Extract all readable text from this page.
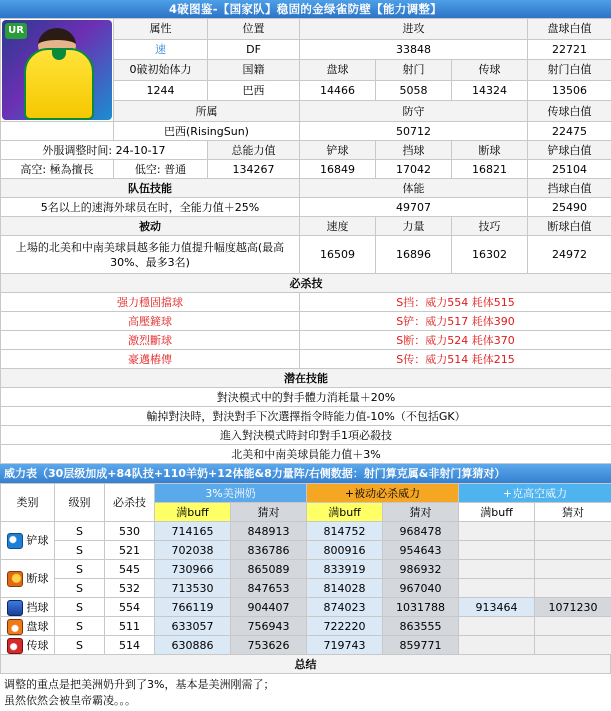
4破图鉴-【国家队】稳固的金绿雀防壁【能力调整】
UR	属性	位置	进攻			盘球白值
	速	DF	33848			22721
	0破初始体力	国籍	盘球	射门	传球	射门白值
	1244	巴西	14466	5058	14324	13506
	所属		防守			传球白值
	巴西(RisingSun)		50712			22475
外服调整时间: 24-10-17		总能力值	铲球	挡球	断球	铲球白值
高空: 極為擅長	低空: 普通	134267	16849	17042	16821	25104
队伍技能			体能			挡球白值
5名以上的速海外球员在时，全能力值＋25%			49707			25490
被动			速度	力量	技巧	断球白值
上場的北美和中南美球員越多能力值提升幅度越高(最高30%、最多3名)			16509	16896	16302	24972
必杀技						
强力穩固擋球			S挡：威力554 耗体515			
高壓鏟球			S铲：威力517 耗体390			
激烈斷球			S断：威力524 耗体370			
豪邁樁傳			S传：威力514 耗体215			
潜在技能						
對決模式中的對手體力消耗量＋20%						
輸掉對決時，對決對手下次選擇指令時能力值-10%（不包括GK）						
進入對決模式時封印對手1項必殺技						
北美和中南美球員能力值＋3%						
威力表（30层级加成+84队技+110羊奶+12体能&8力量阵/右侧数据：射门算克属&非射门算猜对）
类别	级别	必杀技	3%美洲奶		+被动必杀威力		+克高空威力	
			满buff	猜对	满buff	猜对	满buff	猜对
铲球	S	530	714165	848913	814752	968478		
	S	521	702038	836786	800916	954643		
断球	S	545	730966	865089	833919	986932		
	S	532	713530	847653	814028	967040		
挡球	S	554	766119	904407	874023	1031788	913464	1071230
盘球	S	511	633057	756943	722220	863555		
传球	S	514	630886	753626	719743	859771		
总结
调整的重点是把美洲奶升到了3%，基本是美洲刚需了；
虽然依然会被皇帝霸凌。。。
